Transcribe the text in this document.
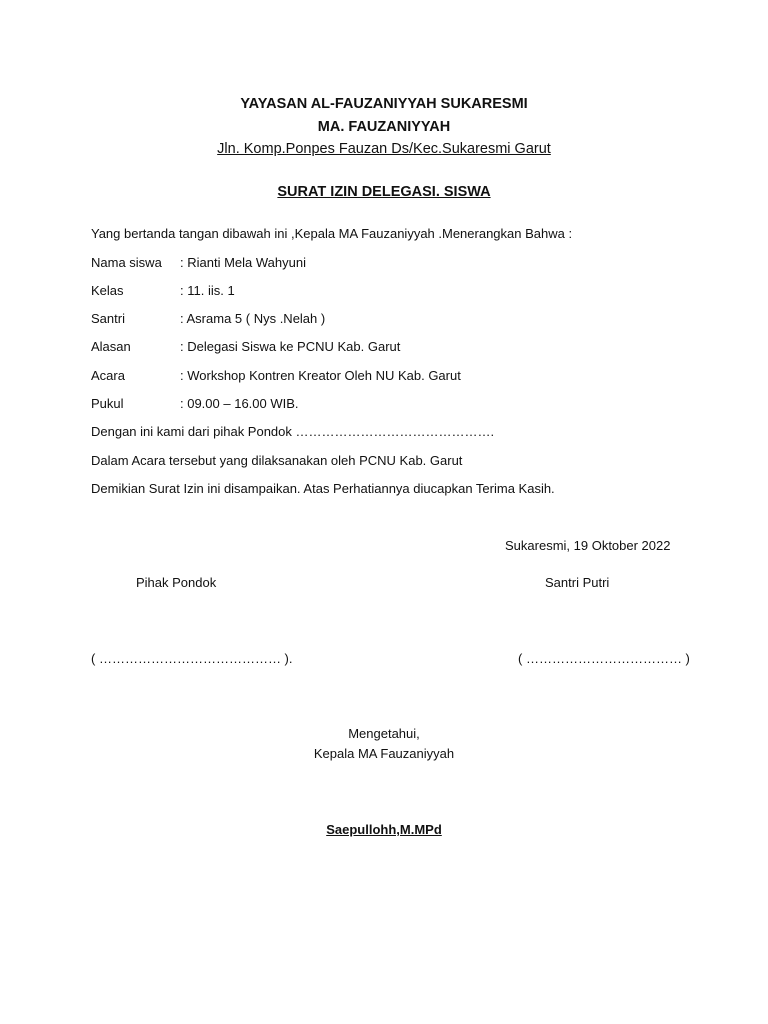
YAYASAN AL-FAUZANIYYAH SUKARESMI
MA. FAUZANIYYAH
Jln. Komp.Ponpes Fauzan Ds/Kec.Sukaresmi Garut
SURAT IZIN DELEGASI. SISWA
Yang bertanda tangan dibawah ini ,Kepala MA Fauzaniyyah .Menerangkan Bahwa :
Nama siswa : Rianti Mela Wahyuni
Kelas	: 11. iis. 1
Santri	: Asrama 5 ( Nys .Nelah )
Alasan	: Delegasi Siswa ke PCNU Kab. Garut
Acara	: Workshop Kontren Kreator Oleh NU Kab. Garut
Pukul	: 09.00 – 16.00 WIB.
Dengan ini kami dari pihak Pondok ……………………………………….
Dalam Acara tersebut yang dilaksanakan oleh PCNU Kab. Garut
Demikian Surat Izin ini disampaikan. Atas Perhatiannya diucapkan Terima Kasih.
Sukaresmi, 19 Oktober 2022
Pihak Pondok	Santri Putri
( …………………………………… ).	( ……………………………… )
Mengetahui,
Kepala MA Fauzaniyyah
Saepullohh,M.MPd
